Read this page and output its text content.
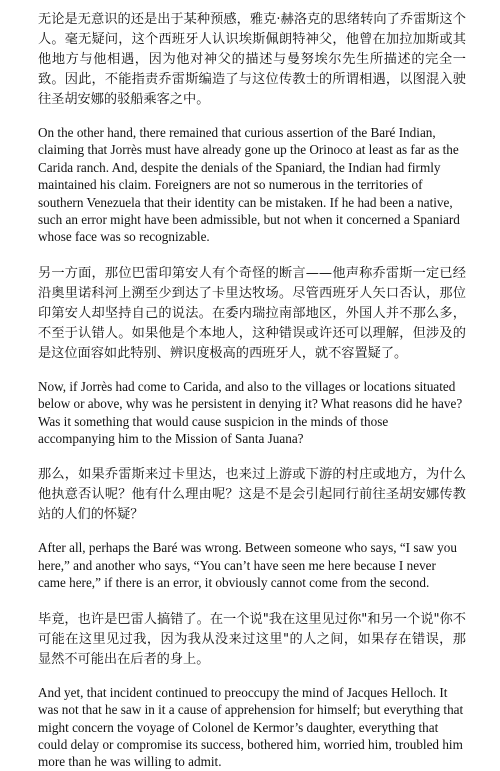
无论是无意识的还是出于某种预感，雅克·赫洛克的思绪转向了乔雷斯这个人。毫无疑问，这个西班牙人认识埃斯佩朗特神父，他曾在加拉加斯或其他地方与他相遇，因为他对神父的描述与曼努埃尔先生所描述的完全一致。因此，不能指责乔雷斯编造了与这位传教士的所谓相遇，以图混入驶往圣胡安娜的驳船乘客之中。

On the other hand, there remained that curious assertion of the Baré Indian, claiming that Jorrès must have already gone up the Orinoco at least as far as the Carida ranch. And, despite the denials of the Spaniard, the Indian had firmly maintained his claim. Foreigners are not so numerous in the territories of southern Venezuela that their identity can be mistaken. If he had been a native, such an error might have been admissible, but not when it concerned a Spaniard whose face was so recognizable.

另一方面，那位巴雷印第安人有个奇怪的断言——他声称乔雷斯一定已经沿奥里诺科河上溯至少到达了卡里达牧场。尽管西班牙人矢口否认，那位印第安人却坚持自己的说法。在委内瑞拉南部地区，外国人并不那么多，不至于认错人。如果他是个本地人，这种错误或许还可以理解，但涉及的是这位面容如此特别、辨识度极高的西班牙人，就不容置疑了。

Now, if Jorrès had come to Carida, and also to the villages or locations situated below or above, why was he persistent in denying it? What reasons did he have? Was it something that would cause suspicion in the minds of those accompanying him to the Mission of Santa Juana?

那么，如果乔雷斯来过卡里达，也来过上游或下游的村庄或地方，为什么他执意否认呢？他有什么理由呢？这是不是会引起同行前往圣胡安娜传教站的人们的怀疑？

After all, perhaps the Baré was wrong. Between someone who says, “I saw you here,” and another who says, “You can’t have seen me here because I never came here,” if there is an error, it obviously cannot come from the second.

毕竟，也许是巴雷人搞错了。在一个说"我在这里见过你"和另一个说"你不可能在这里见过我，因为我从没来过这里"的人之间，如果存在错误，那显然不可能出在后者的身上。

And yet, that incident continued to preoccupy the mind of Jacques Helloch. It was not that he saw in it a cause of apprehension for himself; but everything that might concern the voyage of Colonel de Kermor’s daughter, everything that could delay or compromise its success, bothered him, worried him, troubled him more than he was willing to admit.
